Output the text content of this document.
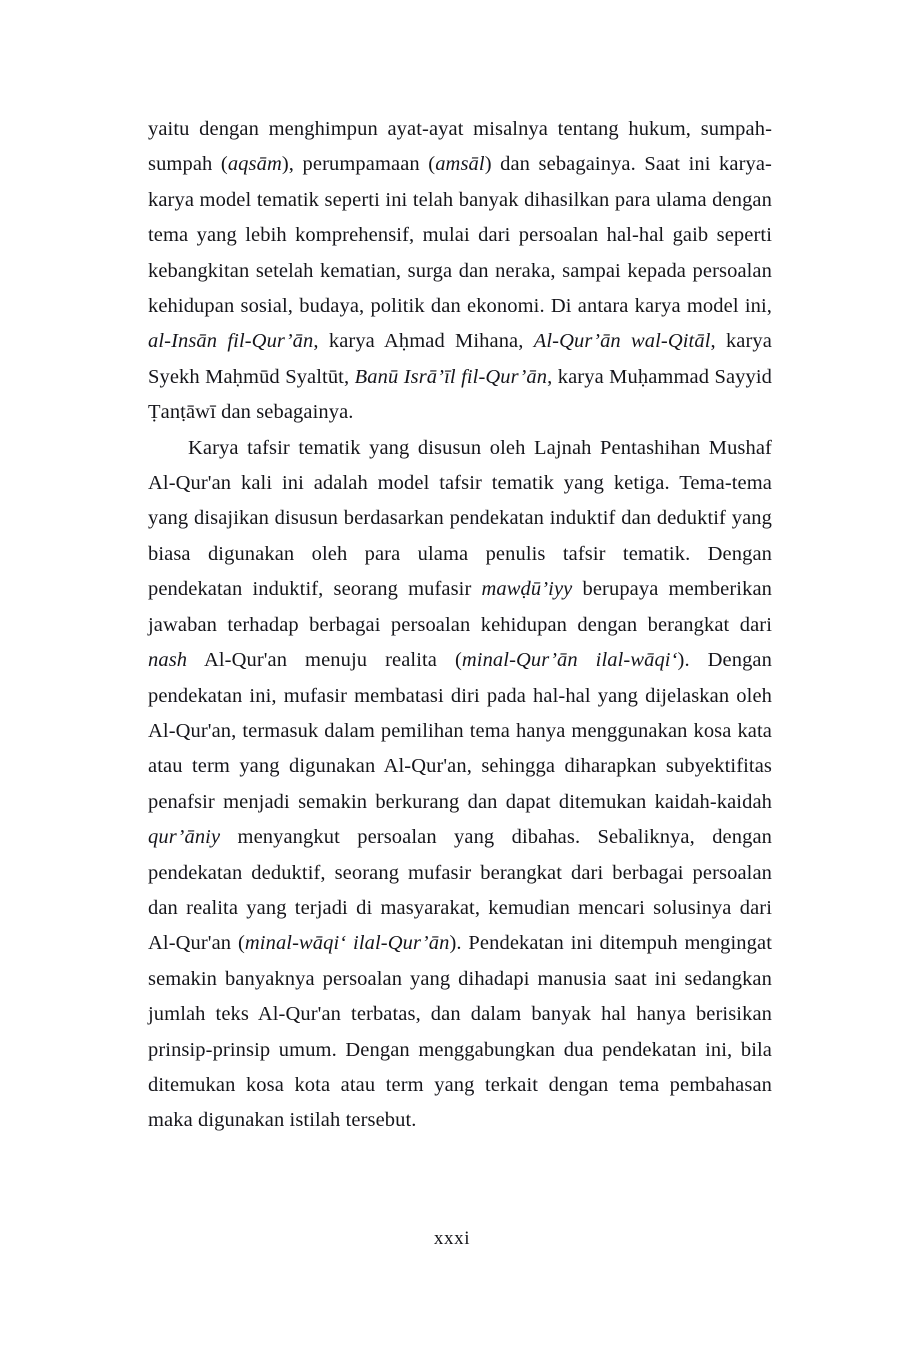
yaitu dengan menghimpun ayat-ayat misalnya tentang hukum, sumpah-sumpah (aqsām), perumpamaan (amsāl) dan sebagainya. Saat ini karya-karya model tematik seperti ini telah banyak dihasilkan para ulama dengan tema yang lebih komprehensif, mulai dari persoalan hal-hal gaib seperti kebangkitan setelah kematian, surga dan neraka, sampai kepada persoalan kehidupan sosial, budaya, politik dan ekonomi. Di antara karya model ini, al-Insān fil-Qur’ān, karya Aḥmad Mihana, Al-Qur’ān wal-Qitāl, karya Syekh Maḥmūd Syaltūt, Banū Isrā’īl fil-Qur’ān, karya Muḥammad Sayyid Ṭanṭāwī dan sebagainya.

Karya tafsir tematik yang disusun oleh Lajnah Pentashihan Mushaf Al-Qur'an kali ini adalah model tafsir tematik yang ketiga. Tema-tema yang disajikan disusun berdasarkan pendekatan induktif dan deduktif yang biasa digunakan oleh para ulama penulis tafsir tematik. Dengan pendekatan induktif, seorang mufasir mawḍū’iyy berupaya memberikan jawaban terhadap berbagai persoalan kehidupan dengan berangkat dari nash Al-Qur'an menuju realita (minal-Qur’ān ilal-wāqi‘). Dengan pendekatan ini, mufasir membatasi diri pada hal-hal yang dijelaskan oleh Al-Qur'an, termasuk dalam pemilihan tema hanya menggunakan kosa kata atau term yang digunakan Al-Qur'an, sehingga diharapkan subyektifitas penafsir menjadi semakin berkurang dan dapat ditemukan kaidah-kaidah qur’āniy menyangkut persoalan yang dibahas. Sebaliknya, dengan pendekatan deduktif, seorang mufasir berangkat dari berbagai persoalan dan realita yang terjadi di masyarakat, kemudian mencari solusinya dari Al-Qur'an (minal-wāqi‘ ilal-Qur’ān). Pendekatan ini ditempuh mengingat semakin banyaknya persoalan yang dihadapi manusia saat ini sedangkan jumlah teks Al-Qur'an terbatas, dan dalam banyak hal hanya berisikan prinsip-prinsip umum. Dengan menggabungkan dua pendekatan ini, bila ditemukan kosa kota atau term yang terkait dengan tema pembahasan maka digunakan istilah tersebut.

xxxi
